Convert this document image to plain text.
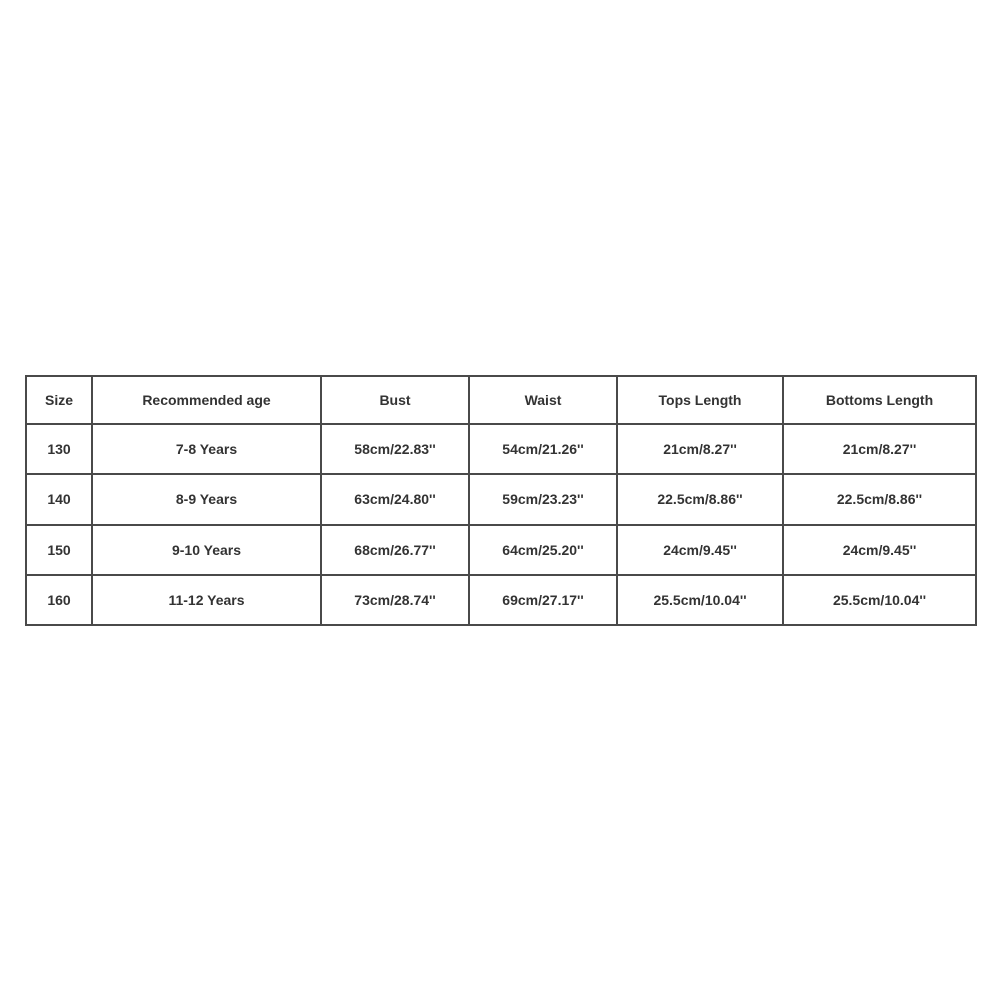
Size	Recommended age	Bust	Waist	Tops Length	Bottoms Length
130	7-8 Years	58cm/22.83''	54cm/21.26''	21cm/8.27''	21cm/8.27''
140	8-9 Years	63cm/24.80''	59cm/23.23''	22.5cm/8.86''	22.5cm/8.86''
150	9-10 Years	68cm/26.77''	64cm/25.20''	24cm/9.45''	24cm/9.45''
160	11-12 Years	73cm/28.74''	69cm/27.17''	25.5cm/10.04''	25.5cm/10.04''
